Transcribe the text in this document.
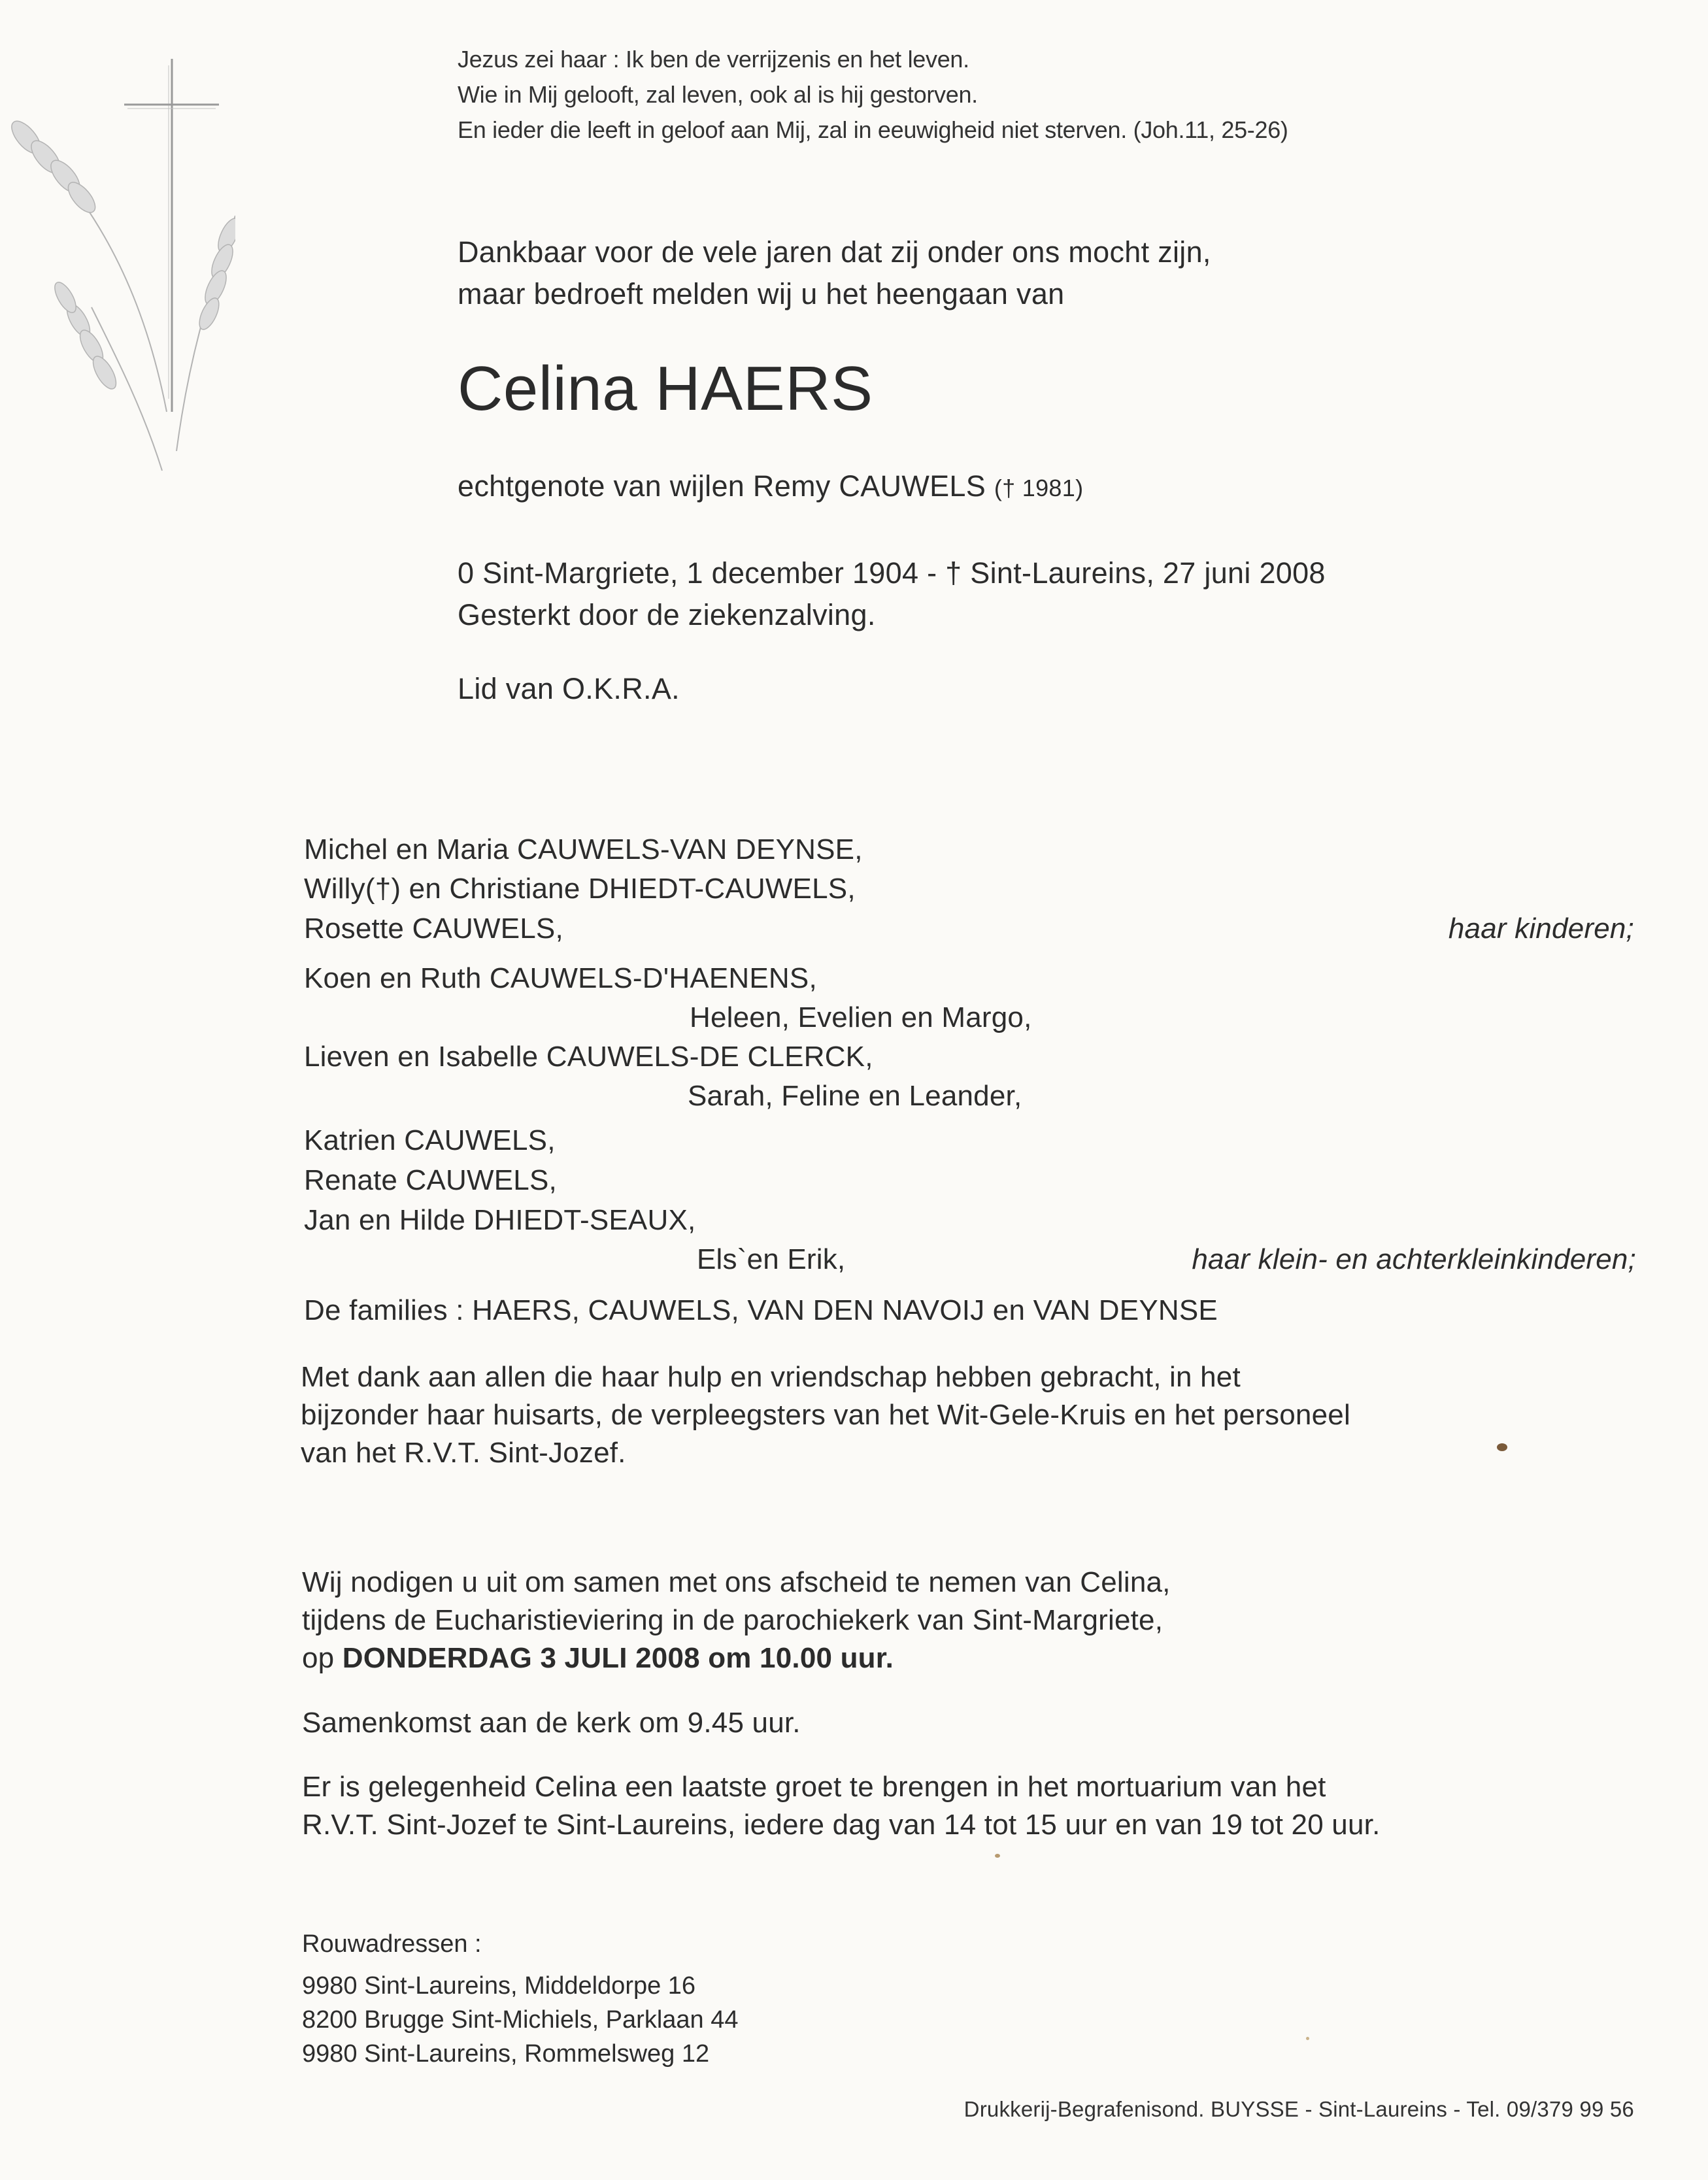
Jezus zei haar : Ik ben de verrijzenis en het leven.

Wie in Mij gelooft, zal leven, ook al is hij gestorven.

En ieder die leeft in geloof aan Mij, zal in eeuwigheid niet sterven. (Joh.11, 25-26)

Dankbaar voor de vele jaren dat zij onder ons mocht zijn,

maar bedroeft melden wij u het heengaan van

Celina HAERS

echtgenote van wijlen Remy CAUWELS († 1981)

0 Sint-Margriete, 1 december 1904 - † Sint-Laureins, 27 juni 2008

Gesterkt door de ziekenzalving.

Lid van O.K.R.A.

Michel en Maria CAUWELS-VAN DEYNSE,

Willy(†) en Christiane DHIEDT-CAUWELS,

Rosette CAUWELS,	haar kinderen;

Koen en Ruth CAUWELS-D'HAENENS,

Heleen, Evelien en Margo,

Lieven en Isabelle CAUWELS-DE CLERCK,

Sarah, Feline en Leander,

Katrien CAUWELS,

Renate CAUWELS,

Jan en Hilde DHIEDT-SEAUX,

Els`en Erik,	haar klein- en achterkleinkinderen;

De families : HAERS, CAUWELS, VAN DEN NAVOIJ en VAN DEYNSE

Met dank aan allen die haar hulp en vriendschap hebben gebracht, in het

bijzonder haar huisarts, de verpleegsters van het Wit-Gele-Kruis en het personeel

van het R.V.T. Sint-Jozef.

Wij nodigen u uit om samen met ons afscheid te nemen van Celina,

tijdens de Eucharistieviering in de parochiekerk van Sint-Margriete,

op DONDERDAG 3 JULI 2008 om 10.00 uur.

Samenkomst aan de kerk om 9.45 uur.

Er is gelegenheid Celina een laatste groet te brengen in het mortuarium van het

R.V.T. Sint-Jozef te Sint-Laureins, iedere dag van 14 tot 15 uur en van 19 tot 20 uur.

Rouwadressen :

9980 Sint-Laureins, Middeldorpe 16

8200 Brugge Sint-Michiels, Parklaan 44

9980 Sint-Laureins, Rommelsweg 12

Drukkerij-Begrafenisond. BUYSSE - Sint-Laureins - Tel. 09/379 99 56
